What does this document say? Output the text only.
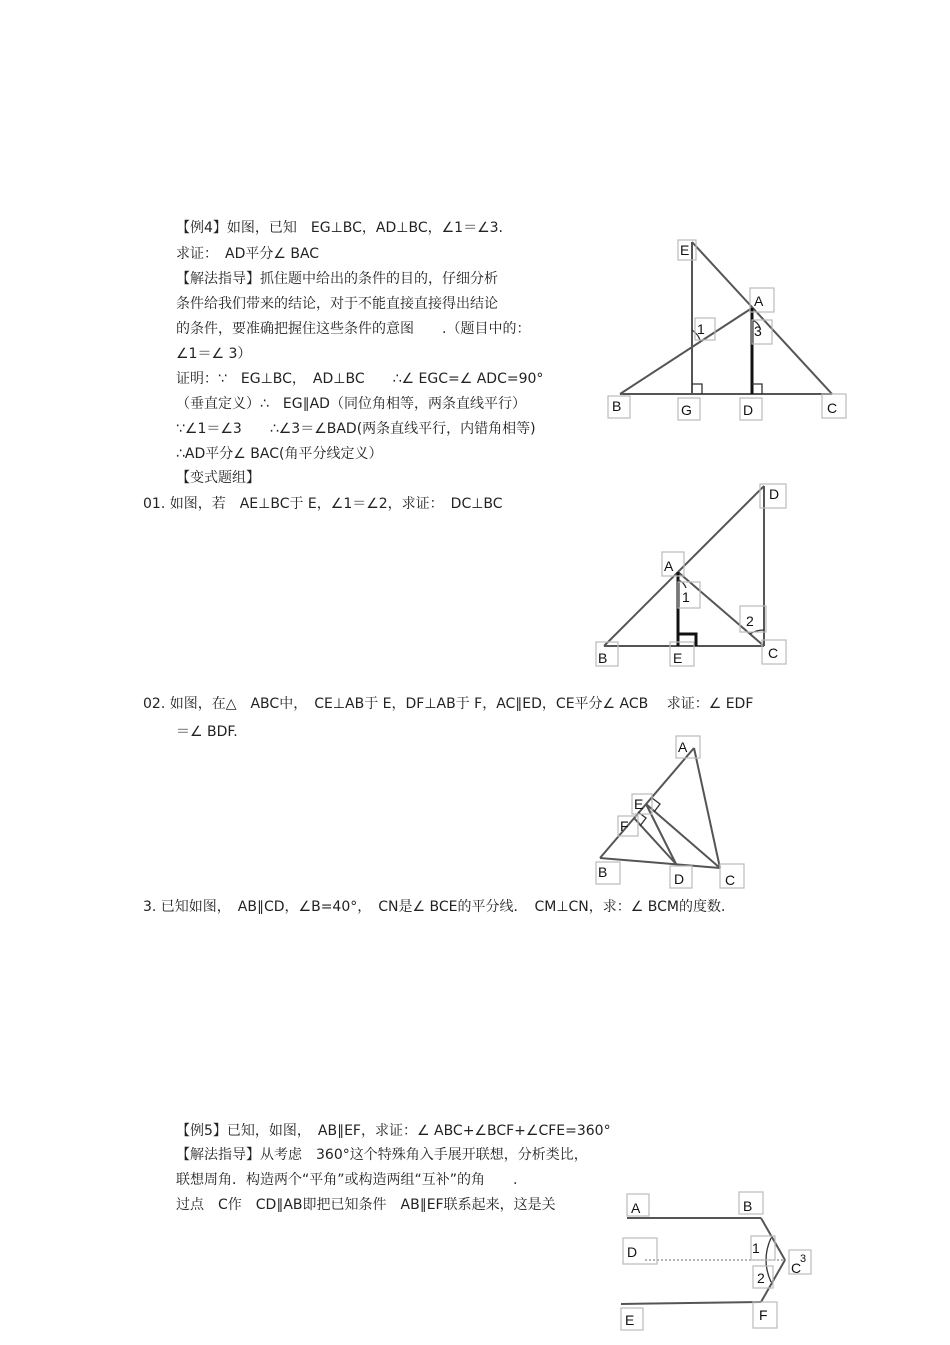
【例4】如图，已知　EG⊥BC，AD⊥BC，∠1＝∠3.
求证：　AD平分∠ BAC
【解法指导】抓住题中给出的条件的目的，仔细分析
条件给我们带来的结论，对于不能直接直接得出结论
的条件，要准确把握住这些条件的意图　　.（题目中的：
∠1＝∠ 3）
证明：∵　EG⊥BC，　AD⊥BC　　∴∠ EGC=∠ ADC=90°
（垂直定义）∴　EG∥AD（同位角相等，两条直线平行）
∵∠1＝∠3　　∴∠3＝∠BAD(两条直线平行，内错角相等)
∴AD平分∠ BAC(角平分线定义）
【变式题组】
E
A
1	3
B	G	D	C
01. 如图，若　AE⊥BC于 E，∠1＝∠2，求证：　DC⊥BC
D
A
1
2
B	E	C
02. 如图，在△　ABC中，　CE⊥AB于 E，DF⊥AB于 F，AC∥ED，CE平分∠ ACB　 求证：∠ EDF
＝∠ BDF.
A
E
F
B	D	C
3. 已知如图，　AB∥CD，∠B=40°，　CN是∠ BCE的平分线．　CM⊥CN，求：∠ BCM的度数．
【例5】已知，如图，　AB∥EF，求证：∠ ABC+∠BCF+∠CFE=360°
【解法指导】从考虑　360°这个特殊角入手展开联想，分析类比，
联想周角．构造两个“平角”或构造两组“互补”的角　　.
过点　C作　CD∥AB即把已知条件　AB∥EF联系起来，这是关	A	B
D	1
C
3
2
E	F
